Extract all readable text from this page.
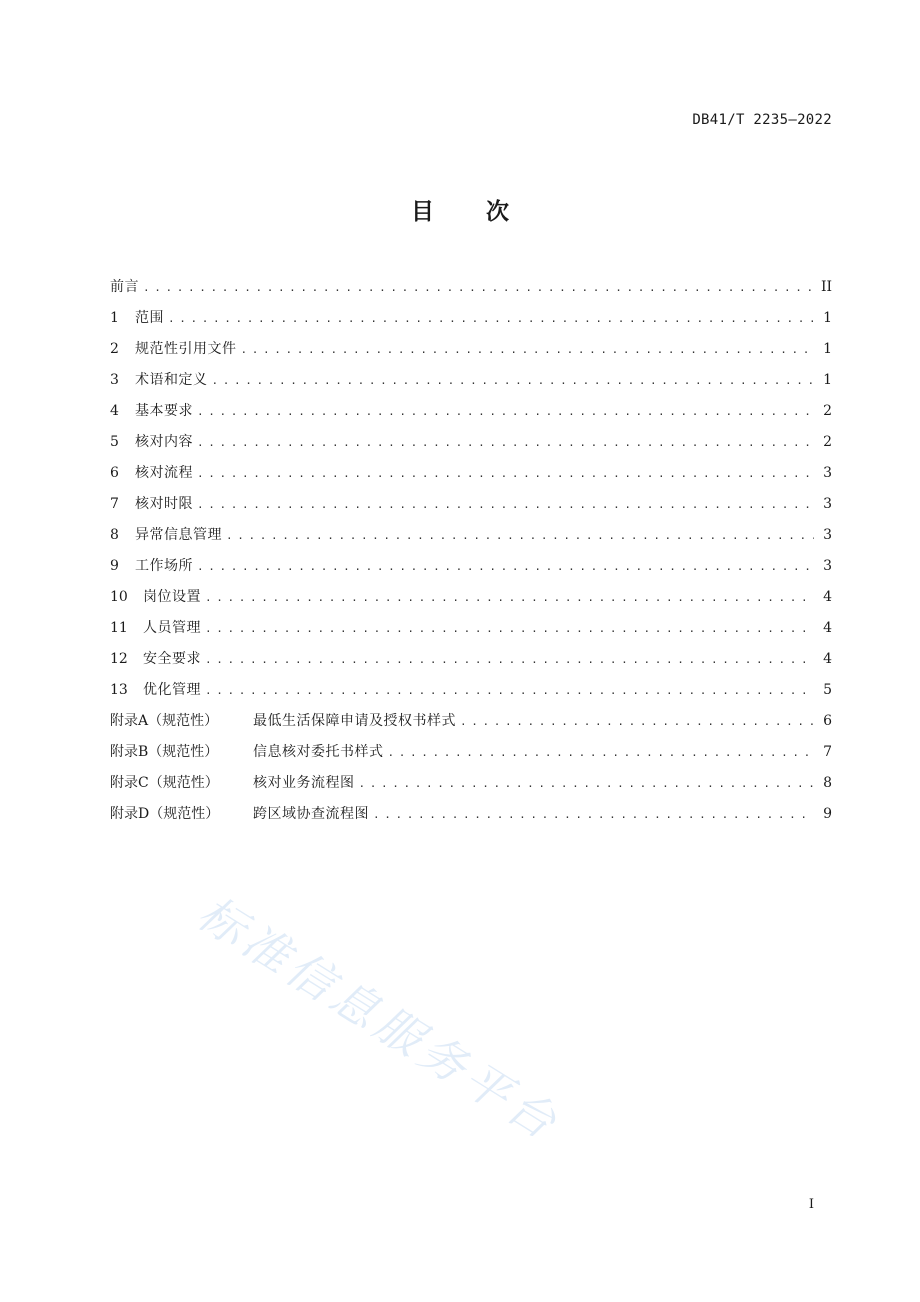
DB41/T 2235—2022
目次
前言 . . .	II
1	范围 . . .	1
2	规范性引用文件 . . .	1
3	术语和定义 . . .	1
4	基本要求 . . .	2
5	核对内容 . . .	2
6	核对流程 . . .	3
7	核对时限 . . .	3
8	异常信息管理 . . .	3
9	工作场所 . . .	3
10	岗位设置 . . .	4
11	人员管理 . . .	4
12	安全要求 . . .	4
13	优化管理 . . .	5
附录A（规范性）	最低生活保障申请及授权书样式 . . .	6
附录B（规范性）	信息核对委托书样式 . . .	7
附录C（规范性）	核对业务流程图 . . .	8
附录D（规范性）	跨区域协查流程图 . . .	9
标准信息服务平台
I
